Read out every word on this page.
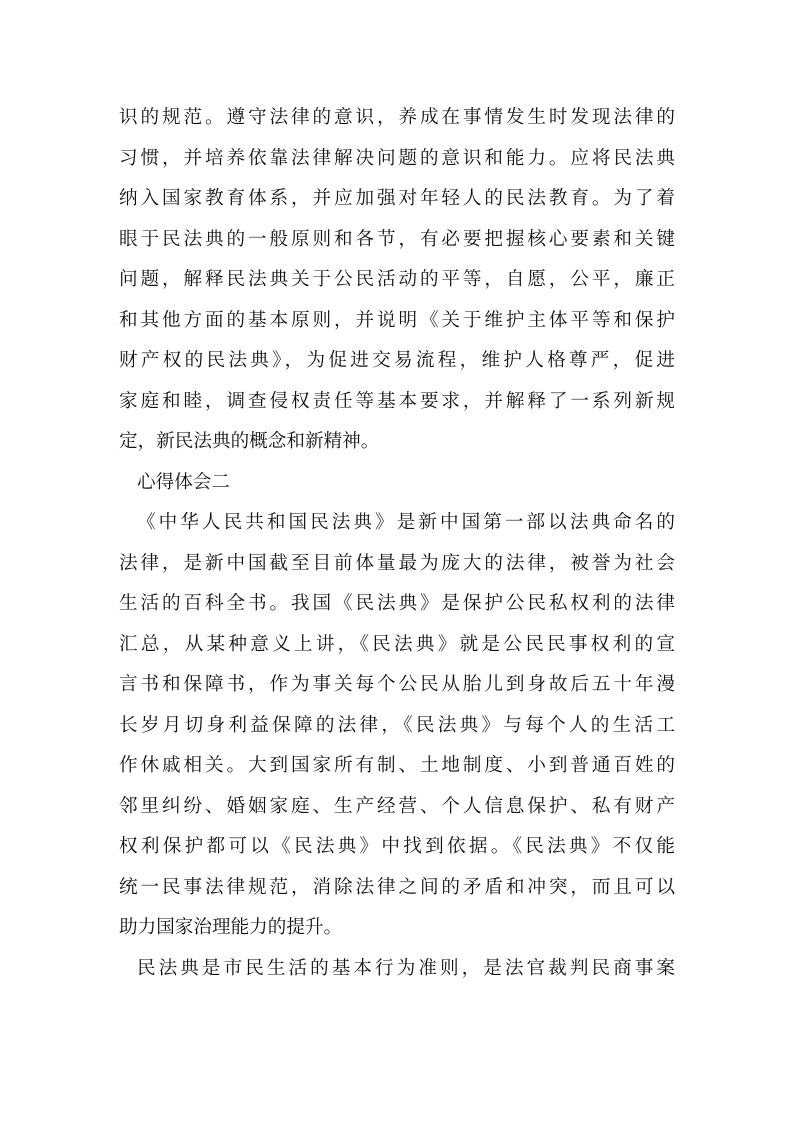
识的规范。遵守法律的意识，养成在事情发生时发现法律的
习惯，并培养依靠法律解决问题的意识和能力。应将民法典
纳入国家教育体系，并应加强对年轻人的民法教育。为了着
眼于民法典的一般原则和各节，有必要把握核心要素和关键
问题，解释民法典关于公民活动的平等，自愿，公平，廉正
和其他方面的基本原则，并说明《关于维护主体平等和保护
财产权的民法典》，为促进交易流程，维护人格尊严，促进
家庭和睦，调查侵权责任等基本要求，并解释了一系列新规
定，新民法典的概念和新精神。
心得体会二
《中华人民共和国民法典》是新中国第一部以法典命名的
法律，是新中国截至目前体量最为庞大的法律，被誉为社会
生活的百科全书。我国《民法典》是保护公民私权利的法律
汇总，从某种意义上讲，《民法典》就是公民民事权利的宣
言书和保障书，作为事关每个公民从胎儿到身故后五十年漫
长岁月切身利益保障的法律，《民法典》与每个人的生活工
作休戚相关。大到国家所有制、土地制度、小到普通百姓的
邻里纠纷、婚姻家庭、生产经营、个人信息保护、私有财产
权利保护都可以《民法典》中找到依据。《民法典》不仅能
统一民事法律规范，消除法律之间的矛盾和冲突，而且可以
助力国家治理能力的提升。
民法典是市民生活的基本行为准则，是法官裁判民商事案
